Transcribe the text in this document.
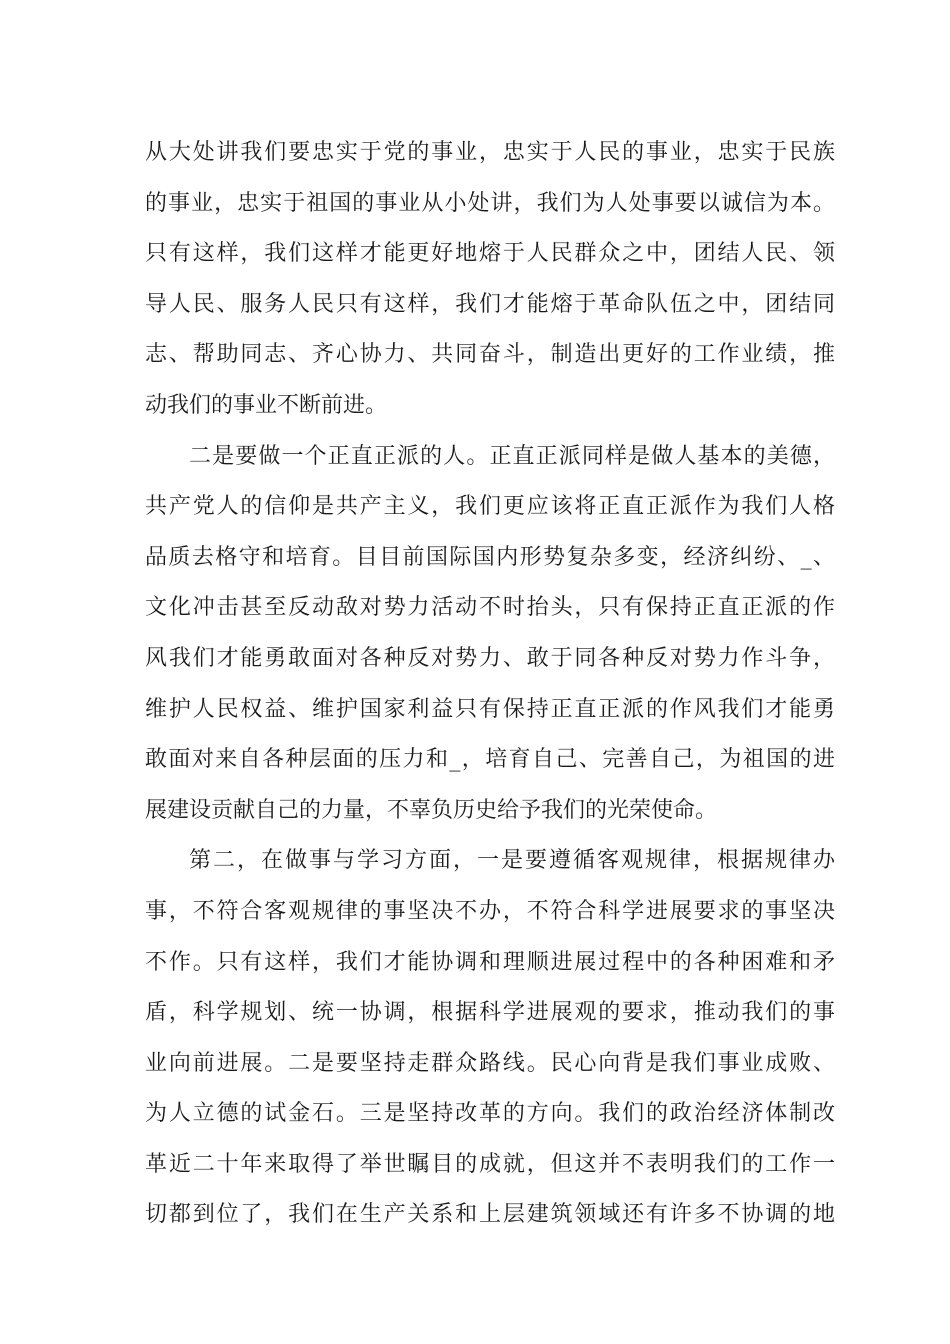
从大处讲我们要忠实于党的事业，忠实于人民的事业，忠实于民族
的事业，忠实于祖国的事业从小处讲，我们为人处事要以诚信为本。
只有这样，我们这样才能更好地熔于人民群众之中，团结人民、领
导人民、服务人民只有这样，我们才能熔于革命队伍之中，团结同
志、帮助同志、齐心协力、共同奋斗，制造出更好的工作业绩，推
动我们的事业不断前进。
二是要做一个正直正派的人。正直正派同样是做人基本的美德，
共产党人的信仰是共产主义，我们更应该将正直正派作为我们人格
品质去格守和培育。目目前国际国内形势复杂多变，经济纠纷、_、
文化冲击甚至反动敌对势力活动不时抬头，只有保持正直正派的作
风我们才能勇敢面对各种反对势力、敢于同各种反对势力作斗争，
维护人民权益、维护国家利益只有保持正直正派的作风我们才能勇
敢面对来自各种层面的压力和_，培育自己、完善自己，为祖国的进
展建设贡献自己的力量，不辜负历史给予我们的光荣使命。
第二，在做事与学习方面，一是要遵循客观规律，根据规律办
事，不符合客观规律的事坚决不办，不符合科学进展要求的事坚决
不作。只有这样，我们才能协调和理顺进展过程中的各种困难和矛
盾，科学规划、统一协调，根据科学进展观的要求，推动我们的事
业向前进展。二是要坚持走群众路线。民心向背是我们事业成败、
为人立德的试金石。三是坚持改革的方向。我们的政治经济体制改
革近二十年来取得了举世瞩目的成就，但这并不表明我们的工作一
切都到位了，我们在生产关系和上层建筑领域还有许多不协调的地
